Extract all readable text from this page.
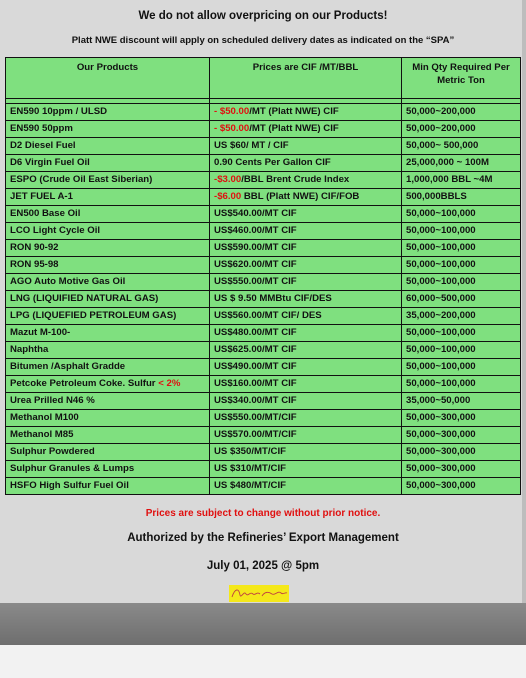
We do not allow overpricing on our Products!
Platt NWE discount will apply on scheduled delivery dates as indicated on the “SPA”
Our Products	Prices are CIF /MT/BBL	Min Qty Required Per Metric Ton

EN590 10ppm / ULSD	- $50.00/MT (Platt NWE) CIF	50,000~200,000
EN590 50ppm	- $50.00/MT (Platt NWE) CIF	50,000~200,000
D2 Diesel Fuel	US $60/ MT / CIF	50,000~ 500,000
D6 Virgin Fuel Oil	0.90 Cents Per Gallon CIF	25,000,000 ~ 100M
ESPO (Crude Oil East Siberian)	-$3.00/BBL Brent Crude Index	1,000,000 BBL ~4M
JET FUEL A-1	-$6.00 BBL (Platt NWE) CIF/FOB	500,000BBLS
EN500 Base Oil	US$540.00/MT CIF	50,000~100,000
LCO Light Cycle Oil	US$460.00/MT CIF	50,000~100,000
RON 90-92	US$590.00/MT CIF	50,000~100,000
RON 95-98	US$620.00/MT CIF	50,000~100,000
AGO Auto Motive Gas Oil	US$550.00/MT CIF	50,000~100,000
LNG (LIQUIFIED NATURAL GAS)	US $ 9.50 MMBtu CIF/DES	60,000~500,000
LPG (LIQUEFIED PETROLEUM GAS)	US$560.00/MT CIF/ DES	35,000~200,000
Mazut M-100-	US$480.00/MT CIF	50,000~100,000
Naphtha	US$625.00/MT CIF	50,000~100,000
Bitumen /Asphalt Gradde	US$490.00/MT CIF	50,000~100,000
Petcoke Petroleum Coke. Sulfur < 2%	US$160.00/MT CIF	50,000~100,000
Urea Prilled N46 %	US$340.00/MT CIF	35,000~50,000
Methanol M100	US$550.00/MT/CIF	50,000~300,000
Methanol M85	US$570.00/MT/CIF	50,000~300,000
Sulphur Powdered	US $350/MT/CIF	50,000~300,000
Sulphur Granules & Lumps	US $310/MT/CIF	50,000~300,000
HSFO High Sulfur Fuel Oil	US $480/MT/CIF	50,000~300,000
Prices are subject to change without prior notice.
Authorized by the Refineries’ Export Management
July 01, 2025 @ 5pm
